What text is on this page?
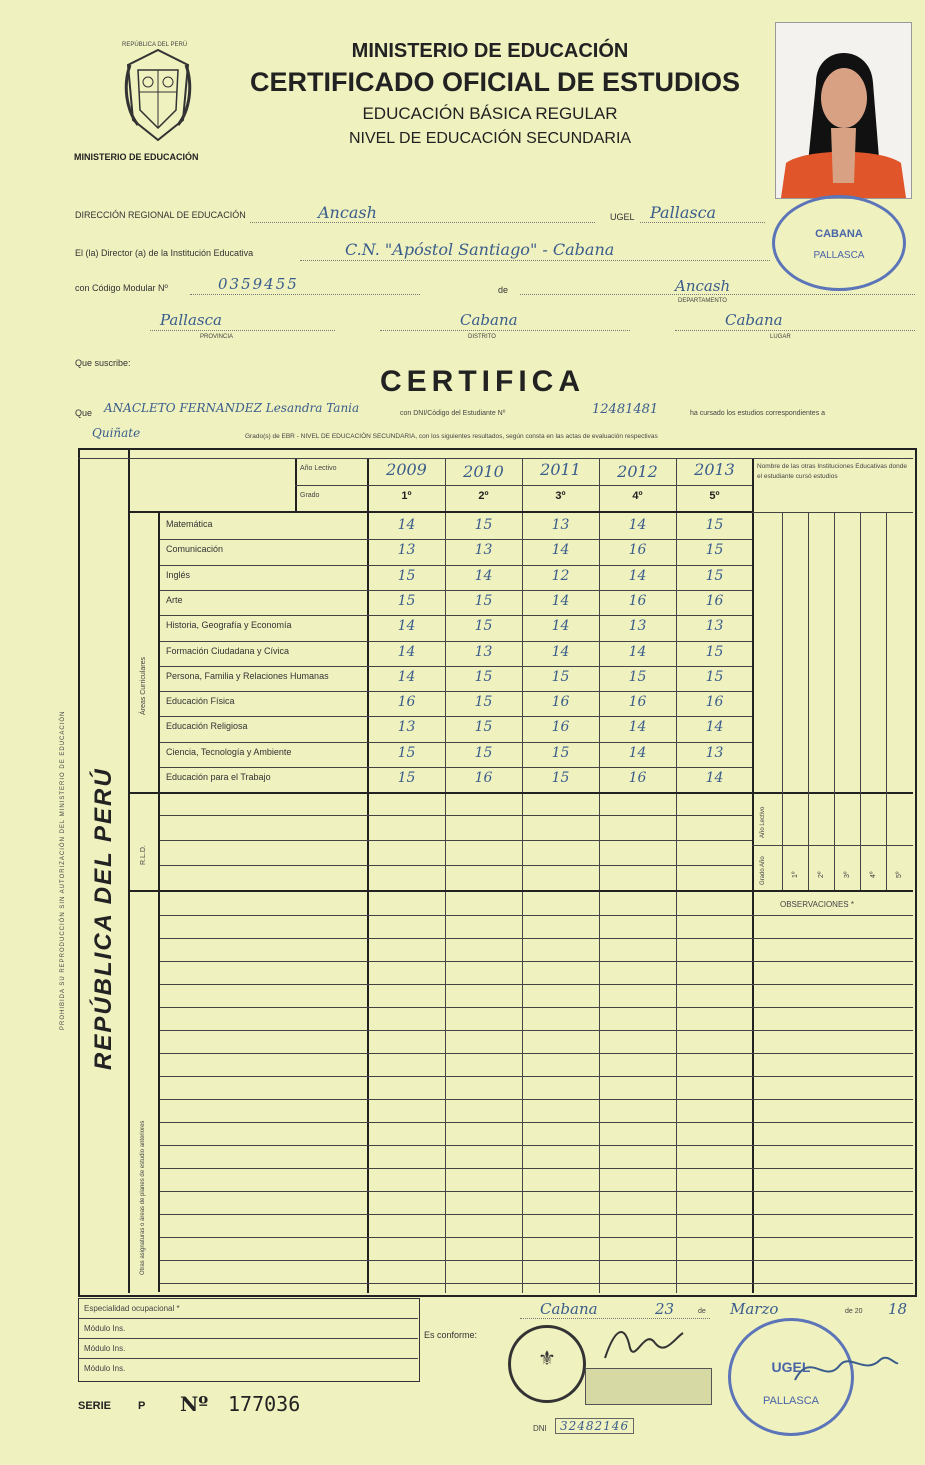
REPÚBLICA DEL PERÚ
MINISTERIO DE EDUCACIÓN
MINISTERIO DE EDUCACIÓN
CERTIFICADO OFICIAL DE ESTUDIOS
EDUCACIÓN BÁSICA REGULAR
NIVEL DE EDUCACIÓN SECUNDARIA
CABANA
PALLASCA
DIRECCIÓN REGIONAL DE EDUCACIÓN	Ancash	UGEL Pallasca
El (la) Director (a) de la Institución Educativa	C.N. "Apóstol Santiago" - Cabana
con Código Modular Nº	0359455	de	Ancash
DEPARTAMENTO
Pallasca
PROVINCIA
Cabana
DISTRITO
Cabana
LUGAR
Que suscribe:
CERTIFICA
Que ANACLETO FERNANDEZ Lesandra Tania	con DNI/Código del Estudiante Nº	12481481	ha cursado los estudios correspondientes a
Quiñate	Grado(s) de EBR - NIVEL DE EDUCACIÓN SECUNDARIA, con los siguientes resultados, según consta en las actas de evaluación respectivas
REPÚBLICA DEL PERÚ
Áreas Curriculares
R.L.D.
Otras asignaturas o áreas de planes de estudio anteriores
Año Lectivo
Grado
2009	2010	2011	2012	2013
1º	2º	3º	4º	5º
Nombre de las otras Instituciones Educativas donde el estudiante cursó estudios
Matemática	14	15	13	14	15
Comunicación	13	13	14	16	15
Inglés	15	14	12	14	15
Arte	15	15	14	16	16
Historia, Geografía y Economía	14	15	14	13	13
Formación Ciudadana y Cívica	14	13	14	14	15
Persona, Familia y Relaciones Humanas	14	15	15	15	15
Educación Física	16	15	16	16	16
Educación Religiosa	13	15	16	14	14
Ciencia, Tecnología y Ambiente	15	15	15	14	13
Educación para el Trabajo	15	16	15	16	14
Año Lectivo
Grado Año	1º	2º	3º	4º	5º
OBSERVACIONES *
PROHIBIDA SU REPRODUCCIÓN SIN AUTORIZACIÓN DEL MINISTERIO DE EDUCACIÓN
Especialidad ocupacional *
Módulo Ins.
Módulo Ins.
Módulo Ins.
Cabana	23	de Marzo	de 20 18
Es conforme:
⚜	UGEL
PALLASCA
DNI	32482146
SERIE P Nº 177036
